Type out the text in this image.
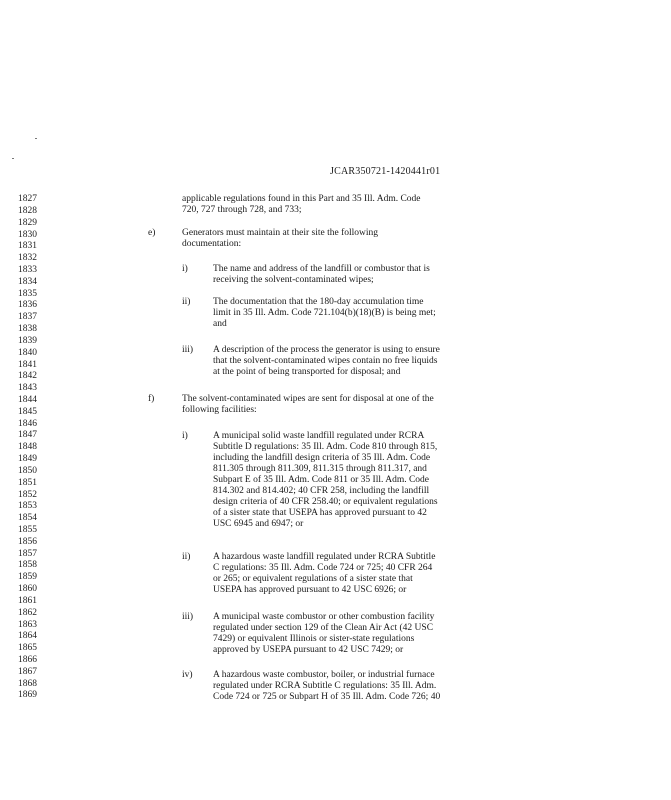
JCAR350721-1420441r01
1827
1828
1829
1830
1831
1832
1833
1834
1835
1836
1837
1838
1839
1840
1841
1842
1843
1844
1845
1846
1847
1848
1849
1850
1851
1852
1853
1854
1855
1856
1857
1858
1859
1860
1861
1862
1863
1864
1865
1866
1867
1868
1869
applicable regulations found in this Part and 35 Ill. Adm. Code
720, 727 through 728, and 733;
e)	Generators must maintain at their site the following
documentation:
i)	The name and address of the landfill or combustor that is
receiving the solvent-contaminated wipes;
ii) The documentation that the 180-day accumulation time
limit in 35 Ill. Adm. Code 721.104(b)(18)(B) is being met;
and
iii) A description of the process the generator is using to ensure
that the solvent-contaminated wipes contain no free liquids
at the point of being transported for disposal; and
f)	The solvent-contaminated wipes are sent for disposal at one of the
following facilities:
i)	A municipal solid waste landfill regulated under RCRA
Subtitle D regulations: 35 Ill. Adm. Code 810 through 815,
including the landfill design criteria of 35 Ill. Adm. Code
811.305 through 811.309, 811.315 through 811.317, and
Subpart E of 35 Ill. Adm. Code 811 or 35 Ill. Adm. Code
814.302 and 814.402; 40 CFR 258, including the landfill
design criteria of 40 CFR 258.40; or equivalent regulations
of a sister state that USEPA has approved pursuant to 42
USC 6945 and 6947; or
ii) A hazardous waste landfill regulated under RCRA Subtitle
C regulations: 35 Ill. Adm. Code 724 or 725; 40 CFR 264
or 265; or equivalent regulations of a sister state that
USEPA has approved pursuant to 42 USC 6926; or
iii) A municipal waste combustor or other combustion facility
regulated under section 129 of the Clean Air Act (42 USC
7429) or equivalent Illinois or sister-state regulations
approved by USEPA pursuant to 42 USC 7429; or
iv) A hazardous waste combustor, boiler, or industrial furnace
regulated under RCRA Subtitle C regulations: 35 Ill. Adm.
Code 724 or 725 or Subpart H of 35 Ill. Adm. Code 726; 40
